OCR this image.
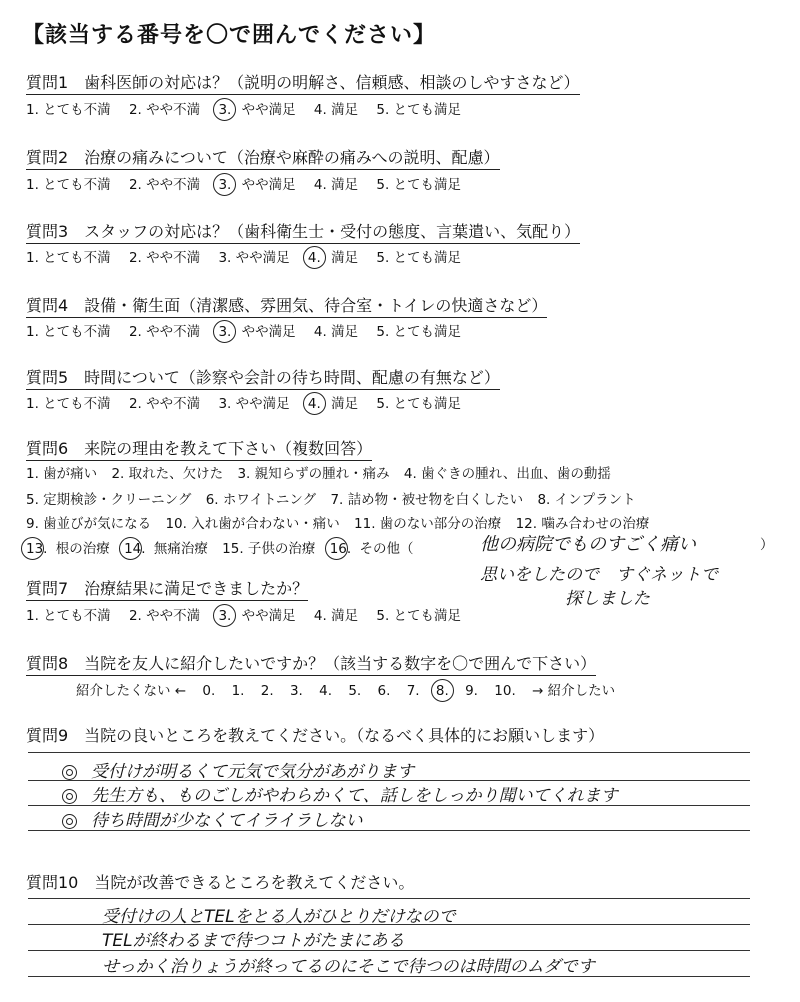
【該当する番号を〇で囲んでください】
質問1　歯科医師の対応は？（説明の明解さ、信頼感、相談のしやすさなど）
1. とても不満 2. やや不満 3. やや満足 4. 満足 5. とても満足
質問2　治療の痛みについて（治療や麻酔の痛みへの説明、配慮）
1. とても不満 2. やや不満 3. やや満足 4. 満足 5. とても満足
質問3　スタッフの対応は？（歯科衛生士・受付の態度、言葉遣い、気配り）
1. とても不満 2. やや不満 3. やや満足 4. 満足 5. とても満足
質問4　設備・衛生面（清潔感、雰囲気、待合室・トイレの快適さなど）
1. とても不満 2. やや不満 3. やや満足 4. 満足 5. とても満足
質問5　時間について（診察や会計の待ち時間、配慮の有無など）
1. とても不満 2. やや不満 3. やや満足 4. 満足 5. とても満足
質問6　来院の理由を教えて下さい（複数回答）
1. 歯が痛い 2. 取れた、欠けた 3. 親知らずの腫れ・痛み 4. 歯ぐきの腫れ、出血、歯の動揺
5. 定期検診・クリーニング 6. ホワイトニング 7. 詰め物・被せ物を白くしたい 8. インプラント
9. 歯並びが気になる 10. 入れ歯が合わない・痛い 11. 歯のない部分の治療 12. 噛み合わせの治療
13. 根の治療 14. 無痛治療 15. 子供の治療 16. その他（	他の病院でものすごく痛い	）
思いをしたので　すぐネットで
探しました
質問7　治療結果に満足できましたか？
1. とても不満 2. やや不満 3. やや満足 4. 満足 5. とても満足
質問8　当院を友人に紹介したいですか？（該当する数字を〇で囲んで下さい）
紹介したくない ← 0. 1. 2. 3. 4. 5. 6. 7. 8. 9. 10. → 紹介したい
質問9　当院の良いところを教えてください。（なるべく具体的にお願いします）
受付けが明るくて元気で気分があがります
先生方も、ものごしがやわらかくて、話しをしっかり聞いてくれます
待ち時間が少なくてイライラしない
質問10　当院が改善できるところを教えてください。
受付けの人とTELをとる人がひとりだけなので
TELが終わるまで待つコトがたまにある
せっかく治りょうが終ってるのにそこで待つのは時間のムダです
